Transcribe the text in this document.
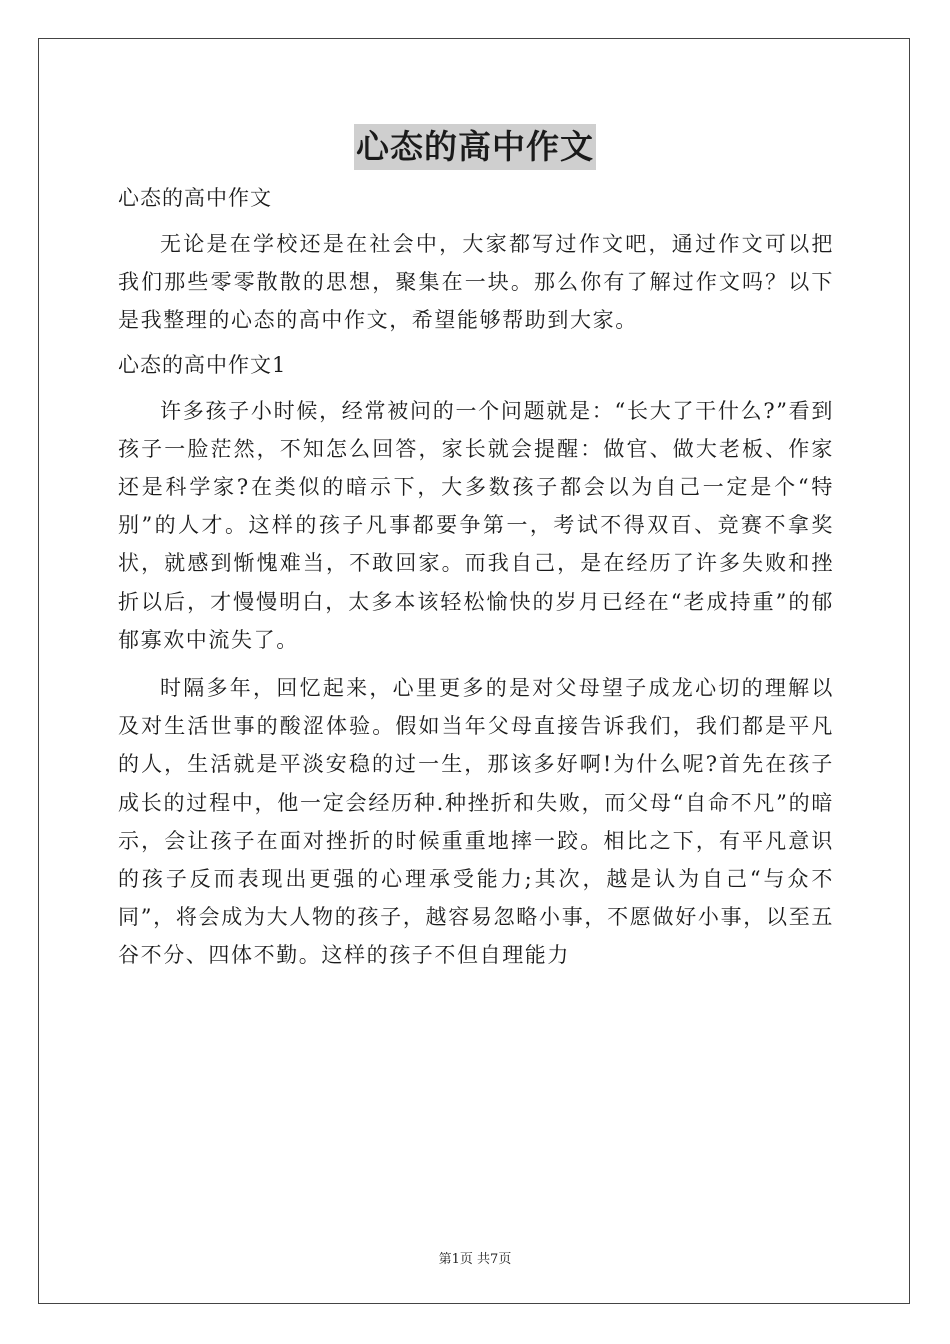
心态的高中作文
心态的高中作文

无论是在学校还是在社会中，大家都写过作文吧，通过作文可以把我们那些零零散散的思想，聚集在一块。那么你有了解过作文吗？以下是我整理的心态的高中作文，希望能够帮助到大家。

心态的高中作文1

许多孩子小时候，经常被问的一个问题就是：“长大了干什么?”看到孩子一脸茫然，不知怎么回答，家长就会提醒：做官、做大老板、作家还是科学家?在类似的暗示下，大多数孩子都会以为自己一定是个“特别”的人才。这样的孩子凡事都要争第一，考试不得双百、竞赛不拿奖状，就感到惭愧难当，不敢回家。而我自己，是在经历了许多失败和挫折以后，才慢慢明白，太多本该轻松愉快的岁月已经在“老成持重”的郁郁寡欢中流失了。

时隔多年，回忆起来，心里更多的是对父母望子成龙心切的理解以及对生活世事的酸涩体验。假如当年父母直接告诉我们，我们都是平凡的人，生活就是平淡安稳的过一生，那该多好啊!为什么呢?首先在孩子成长的过程中，他一定会经历种.种挫折和失败，而父母“自命不凡”的暗示，会让孩子在面对挫折的时候重重地摔一跤。相比之下，有平凡意识的孩子反而表现出更强的心理承受能力;其次，越是认为自己“与众不同”，将会成为大人物的孩子，越容易忽略小事，不愿做好小事，以至五谷不分、四体不勤。这样的孩子不但自理能力

第1页 共7页
